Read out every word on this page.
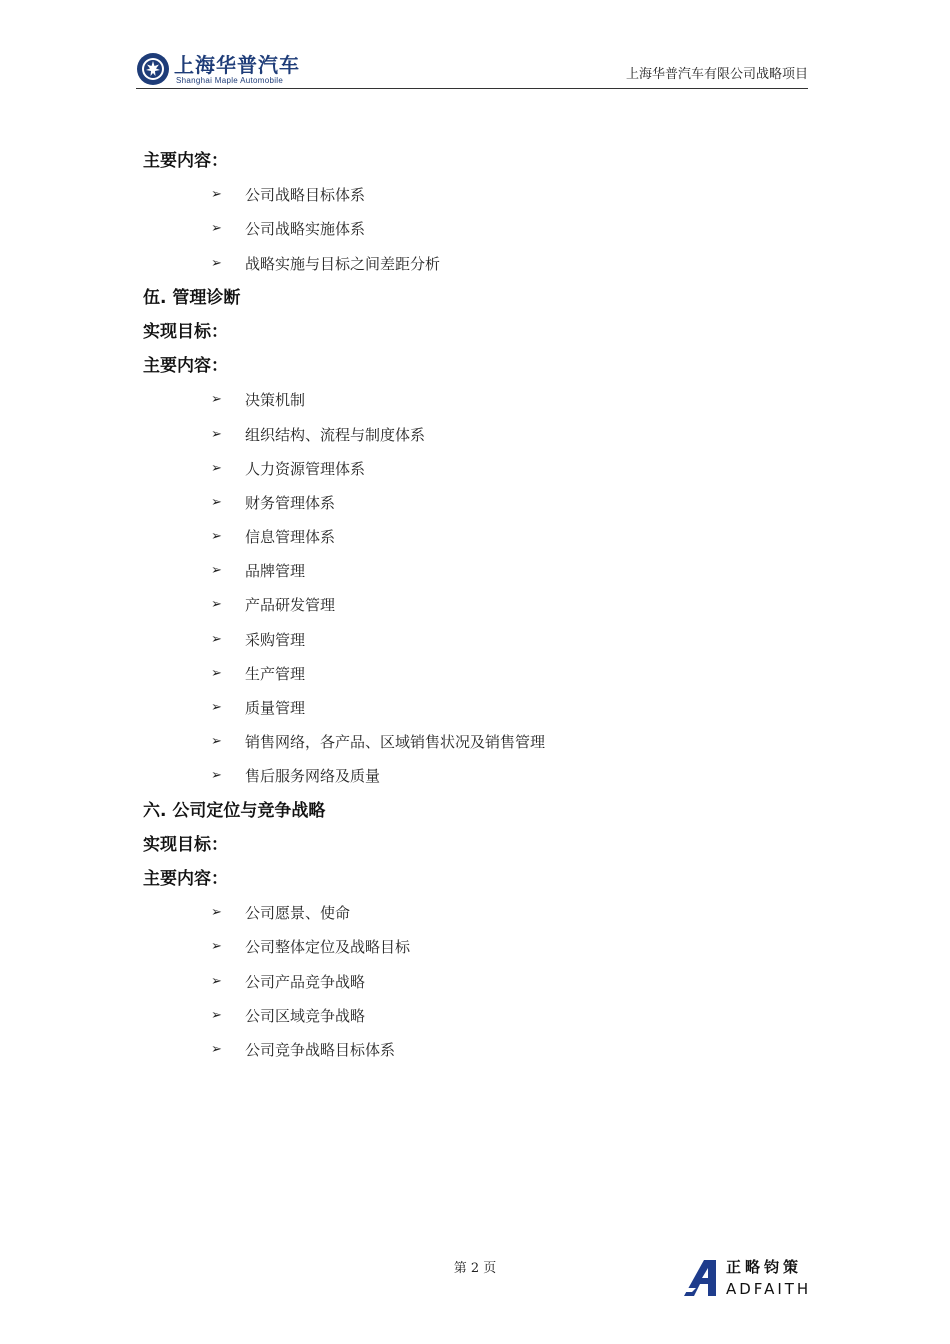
上海华普汽车
Shanghai Maple Automobile	上海华普汽车有限公司战略项目
主要内容：
➢ 公司战略目标体系
➢ 公司战略实施体系
➢ 战略实施与目标之间差距分析
伍. 管理诊断
实现目标：
主要内容：
➢ 决策机制
➢ 组织结构、流程与制度体系
➢ 人力资源管理体系
➢ 财务管理体系
➢ 信息管理体系
➢ 品牌管理
➢ 产品研发管理
➢ 采购管理
➢ 生产管理
➢ 质量管理
➢ 销售网络，各产品、区域销售状况及销售管理
➢ 售后服务网络及质量
六. 公司定位与竞争战略
实现目标：
主要内容：
➢ 公司愿景、使命
➢ 公司整体定位及战略目标
➢ 公司产品竞争战略
➢ 公司区域竞争战略
➢ 公司竞争战略目标体系
第 2 页	正略钧策
ADFAITH
